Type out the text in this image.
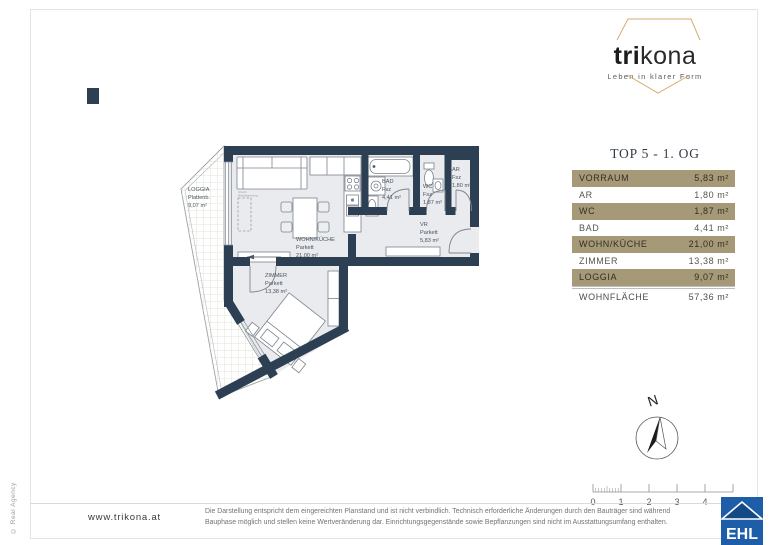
trikona
Leben in klarer Form
TOP 5 - 1. OG
VORRAUM	5,83 m²
AR	1,80 m²
WC	1,87 m²
BAD	4,41 m²
WOHN/KÜCHE	21,00 m²
ZIMMER	13,38 m²
LOGGIA	9,07 m²
WOHNFLÄCHE	57,36 m²
LOGGIA
Plattenb.
9,07 m²
WOHN/KÜCHE
Parkett
21,00 m²
ZIMMER
Parkett
13,38 m²
VR
Parkett
5,83 m²
BAD
Fsz
4,41 m²
WC
Fsz
1,87 m²
AR
Fsz
1,80 m²
Vorschl.
Möbelplatzierung
N
0	1	2	3	4
www.trikona.at
Die Darstellung entspricht dem eingereichten Planstand und ist nicht verbindlich. Technisch erforderliche Änderungen durch den Bauträger sind während
Bauphase möglich und stellen keine Wertveränderung dar. Einrichtungsgegenstände sowie Bepflanzungen sind nicht im Ausstattungsumfang enthalten.
© Real Agency
EHL
